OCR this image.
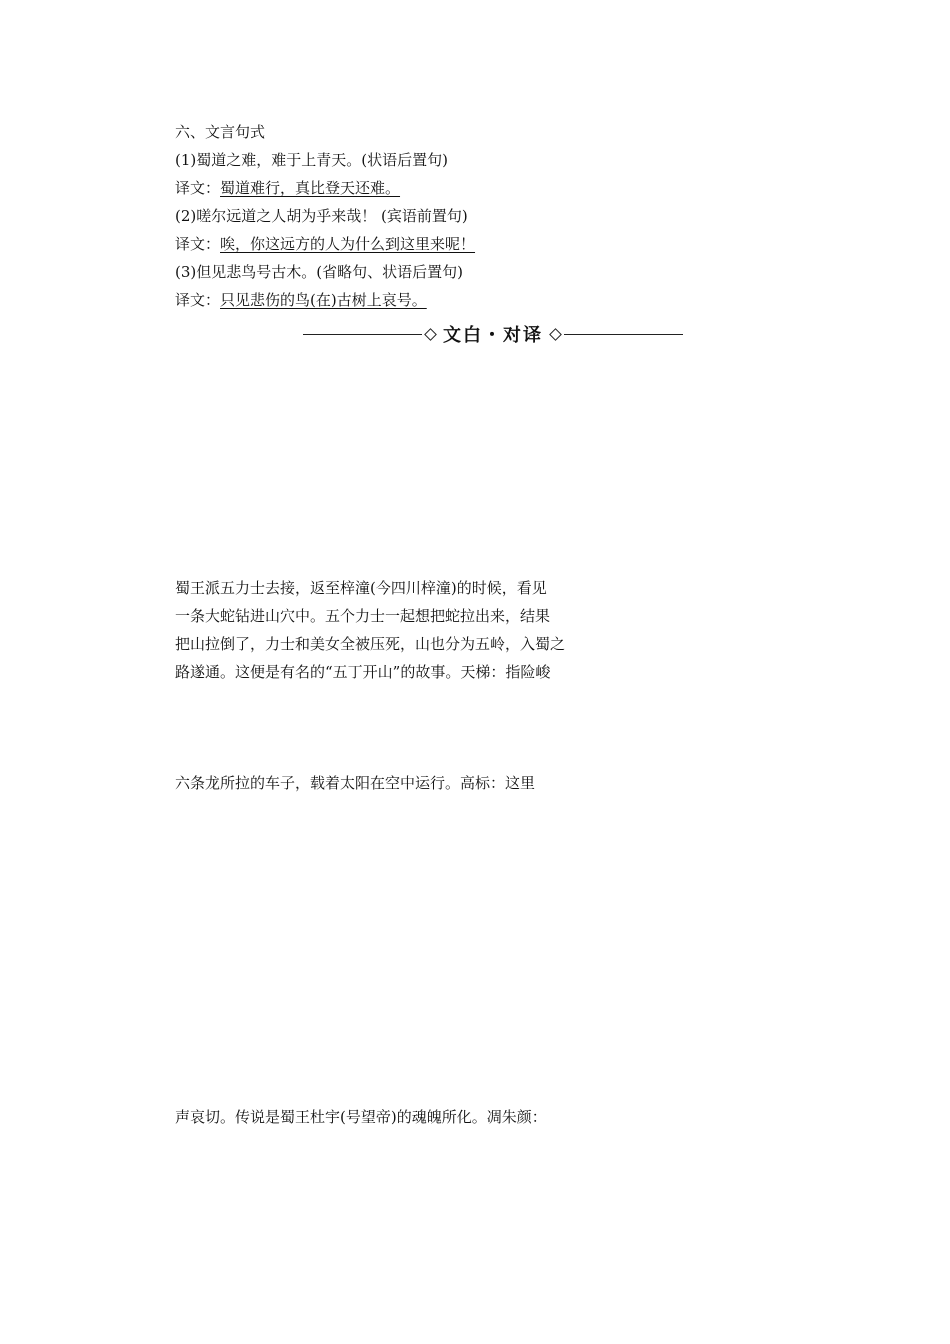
六、文言句式
(1)蜀道之难，难于上青天。(状语后置句)
译文：蜀道难行，真比登天还难。
(2)嗟尔远道之人胡为乎来哉！ (宾语前置句)
译文：唉，你这远方的人为什么到这里来呢！
(3)但见悲鸟号古木。(省略句、状语后置句)
译文：只见悲伤的鸟(在)古树上哀号。
文白・对译
蜀王派五力士去接，返至梓潼(今四川梓潼)的时候，看见
一条大蛇钻进山穴中。五个力士一起想把蛇拉出来，结果
把山拉倒了，力士和美女全被压死，山也分为五岭，入蜀之
路遂通。这便是有名的“五丁开山”的故事。天梯：指险峻
六条龙所拉的车子，载着太阳在空中运行。高标：这里
声哀切。传说是蜀王杜宇(号望帝)的魂魄所化。凋朱颜：
